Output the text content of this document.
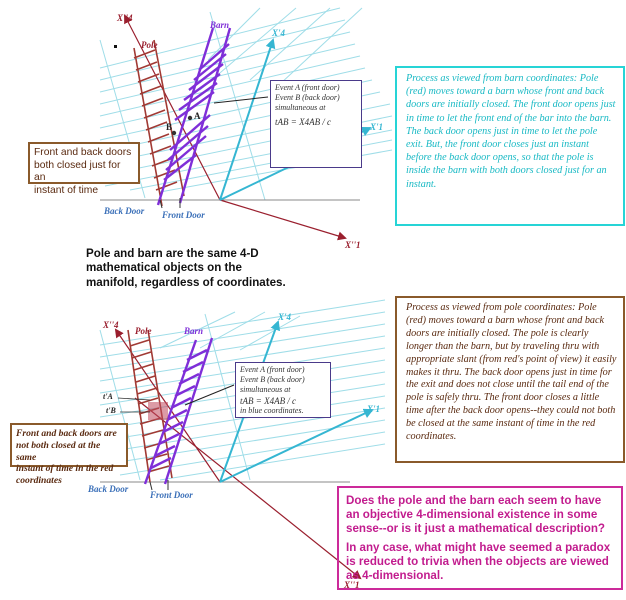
X''4
Pole
Barn
X'4
X'1
X''1
A
B
Back Door Front Door
Event A (front door)
Event B (back door)
simultaneous at
tAB = X4AB / c
Front and back doors
both closed just for an
instant of time
Pole and barn are the same 4-D
mathematical objects on the
manifold, regardless of coordinates.
X''4
Pole	Barn
X'4
X'1
X''1
t'A
t'B
Back Door
Front Door
Event A (front door)
Event B (back door)
simultaneous at
tAB = X4AB / c
in blue coordinates.
Front and back doors are
not both closed at the same
instant of time in the red
coordinates
Process as viewed from barn coordinates: Pole (red) moves toward a barn whose front and back doors are initially closed. The front door opens just in time to let the front end of the bar into the barn. The back door opens just in time to let the pole exit. But, the front door closes just an instant before the back door opens, so that the pole is inside the barn with both doors closed just for an instant.
Process as viewed from pole coordinates: Pole (red) moves toward a barn whose front and back doors are initially closed. The pole is clearly longer than the barn, but by traveling thru with appropriate slant (from red's point of view) it easily makes it thru. The back door opens just in time for the exit and does not close until the tail end of the pole is safely thru. The front door closes a little time after the back door opens--they could not both be closed at the same instant of time in the red coordinates.

Does the pole and the barn each seem to have an objective 4-dimensional existence in some sense--or is it just a mathematical description?

In any case, what might have seemed a paradox is reduced to trivia when the objects are viewed as 4-dimensional.
